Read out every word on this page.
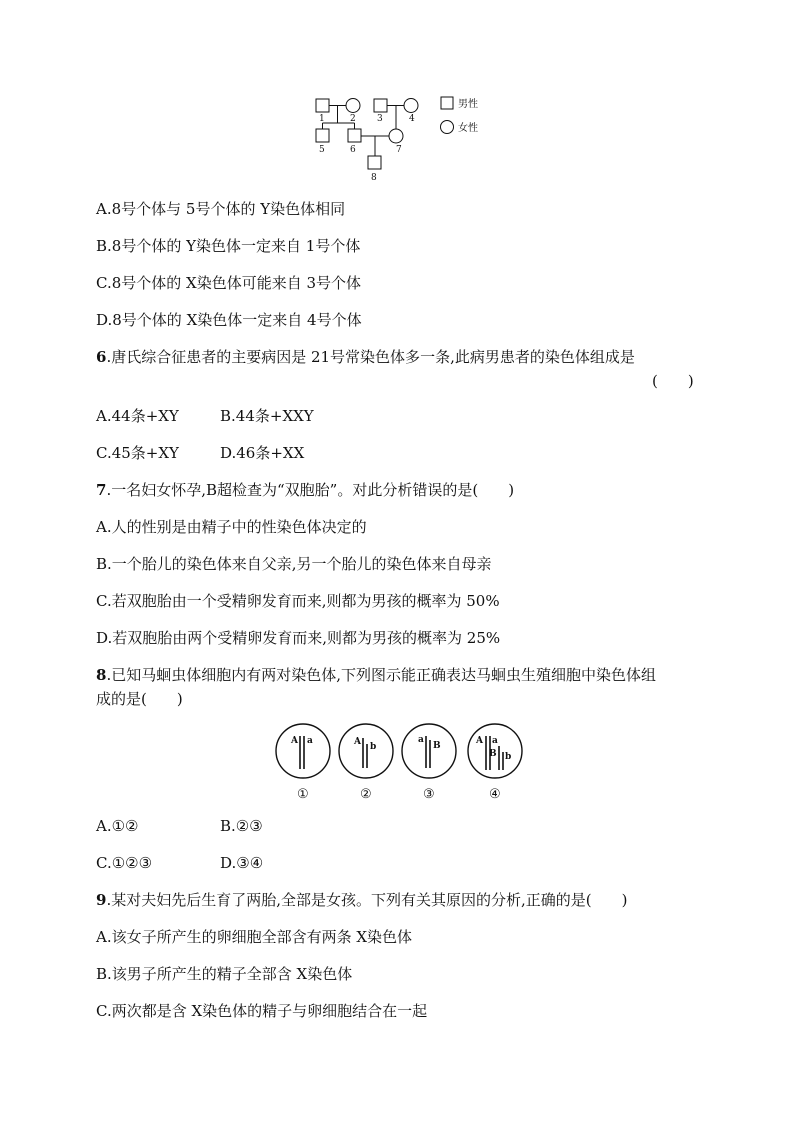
1	2 3	4
5	6	7
8
男性
女性
A.8号个体与 5号个体的 Y染色体相同
B.8号个体的 Y染色体一定来自 1号个体
C.8号个体的 X染色体可能来自 3号个体
D.8号个体的 X染色体一定来自 4号个体
6.唐氏综合征患者的主要病因是 21号常染色体多一条,此病男患者的染色体组成是
(　　)
A.44条+XY	B.44条+XXY
C.45条+XY	D.46条+XX
7.一名妇女怀孕,B超检查为“双胞胎”。对此分析错误的是(　　)
A.人的性别是由精子中的性染色体决定的
B.一个胎儿的染色体来自父亲,另一个胎儿的染色体来自母亲
C.若双胞胎由一个受精卵发育而来,则都为男孩的概率为 50%
D.若双胞胎由两个受精卵发育而来,则都为男孩的概率为 25%
8.已知马蛔虫体细胞内有两对染色体,下列图示能正确表达马蛔虫生殖细胞中染色体组
成的是(　　)
A a	A b
a
B	A a
B b
①	②	③	④
A.①②	B.②③
C.①②③	D.③④
9.某对夫妇先后生育了两胎,全部是女孩。下列有关其原因的分析,正确的是(　　)
A.该女子所产生的卵细胞全部含有两条 X染色体
B.该男子所产生的精子全部含 X染色体
C.两次都是含 X染色体的精子与卵细胞结合在一起
